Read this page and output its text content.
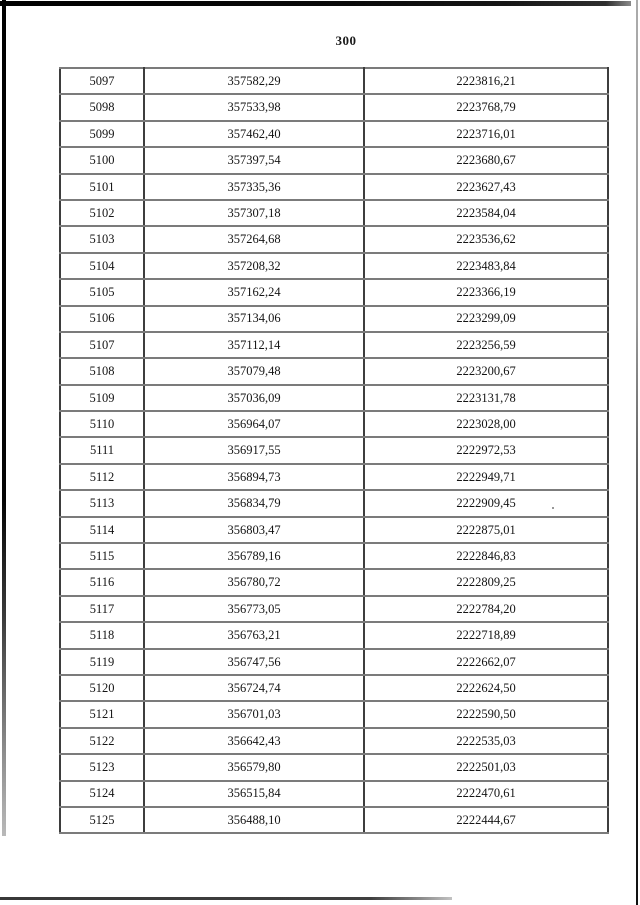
300
5097	357582,29	2223816,21
5098	357533,98	2223768,79
5099	357462,40	2223716,01
5100	357397,54	2223680,67
5101	357335,36	2223627,43
5102	357307,18	2223584,04
5103	357264,68	2223536,62
5104	357208,32	2223483,84
5105	357162,24	2223366,19
5106	357134,06	2223299,09
5107	357112,14	2223256,59
5108	357079,48	2223200,67
5109	357036,09	2223131,78
5110	356964,07	2223028,00
5111	356917,55	2222972,53
5112	356894,73	2222949,71
5113	356834,79	2222909,45
5114	356803,47	2222875,01
5115	356789,16	2222846,83
5116	356780,72	2222809,25
5117	356773,05	2222784,20
5118	356763,21	2222718,89
5119	356747,56	2222662,07
5120	356724,74	2222624,50
5121	356701,03	2222590,50
5122	356642,43	2222535,03
5123	356579,80	2222501,03
5124	356515,84	2222470,61
5125	356488,10	2222444,67
